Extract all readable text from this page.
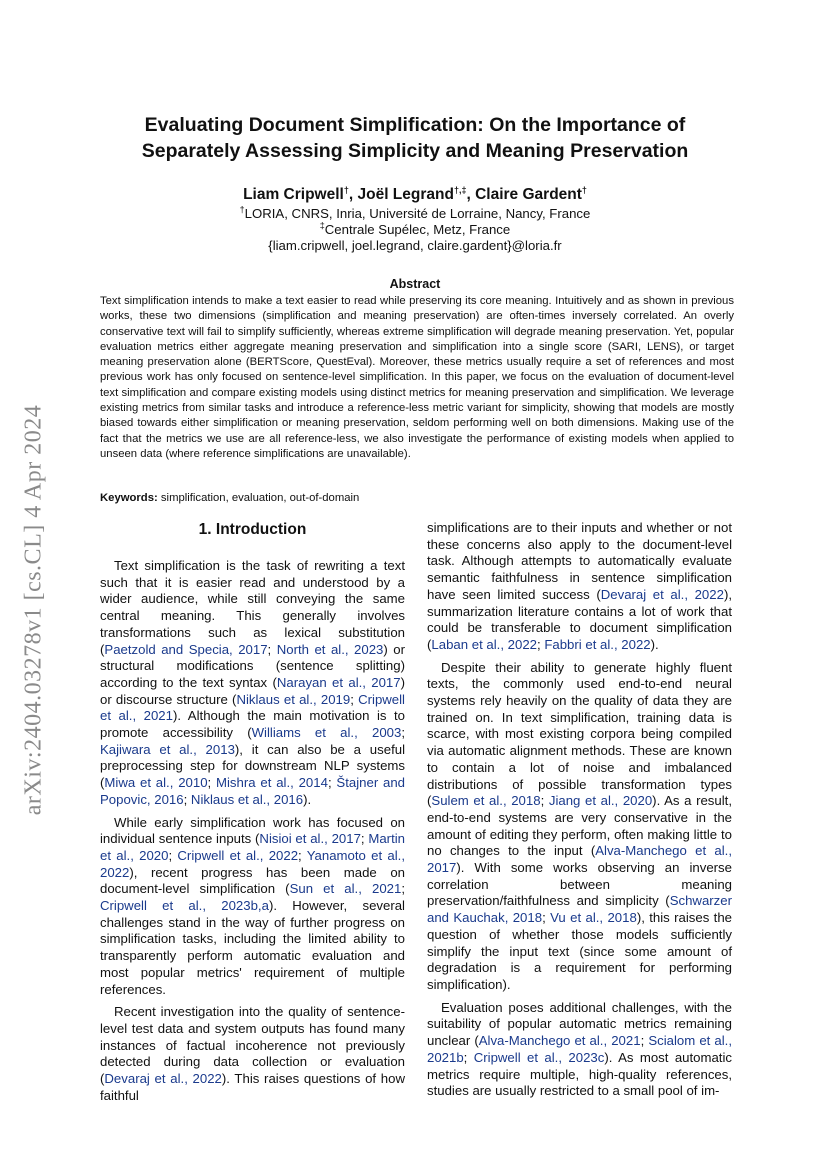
arXiv:2404.03278v1 [cs.CL] 4 Apr 2024
Evaluating Document Simplification: On the Importance of
Separately Assessing Simplicity and Meaning Preservation
Liam Cripwell†, Joël Legrand†,‡, Claire Gardent†
†LORIA, CNRS, Inria, Université de Lorraine, Nancy, France
‡Centrale Supélec, Metz, France
{liam.cripwell, joel.legrand, claire.gardent}@loria.fr
Abstract

Text simplification intends to make a text easier to read while preserving its core meaning. Intuitively and as shown in previous works, these two dimensions (simplification and meaning preservation) are often-times inversely correlated. An overly conservative text will fail to simplify sufficiently, whereas extreme simplification will degrade meaning preservation. Yet, popular evaluation metrics either aggregate meaning preservation and simplification into a single score (SARI, LENS), or target meaning preservation alone (BERTScore, QuestEval). Moreover, these metrics usually require a set of references and most previous work has only focused on sentence-level simplification. In this paper, we focus on the evaluation of document-level text simplification and compare existing models using distinct metrics for meaning preservation and simplification. We leverage existing metrics from similar tasks and introduce a reference-less metric variant for simplicity, showing that models are mostly biased towards either simplification or meaning preservation, seldom performing well on both dimensions. Making use of the fact that the metrics we use are all reference-less, we also investigate the performance of existing models when applied to unseen data (where reference simplifications are unavailable).

Keywords: simplification, evaluation, out-of-domain
1. Introduction

Text simplification is the task of rewriting a text such that it is easier read and understood by a wider audience, while still conveying the same central meaning. This generally involves transformations such as lexical substitution (Paetzold and Specia, 2017; North et al., 2023) or structural modifications (sentence splitting) according to the text syntax (Narayan et al., 2017) or discourse structure (Niklaus et al., 2019; Cripwell et al., 2021). Although the main motivation is to promote accessibility (Williams et al., 2003; Kajiwara et al., 2013), it can also be a useful preprocessing step for downstream NLP systems (Miwa et al., 2010; Mishra et al., 2014; Štajner and Popovic, 2016; Niklaus et al., 2016).

While early simplification work has focused on individual sentence inputs (Nisioi et al., 2017; Martin et al., 2020; Cripwell et al., 2022; Yanamoto et al., 2022), recent progress has been made on document-level simplification (Sun et al., 2021; Cripwell et al., 2023b,a). However, several challenges stand in the way of further progress on simplification tasks, including the limited ability to transparently perform automatic evaluation and most popular metrics' requirement of multiple references.

Recent investigation into the quality of sentence-level test data and system outputs has found many instances of factual incoherence not previously detected during data collection or evaluation (Devaraj et al., 2022). This raises questions of how faithful

simplifications are to their inputs and whether or not these concerns also apply to the document-level task. Although attempts to automatically evaluate semantic faithfulness in sentence simplification have seen limited success (Devaraj et al., 2022), summarization literature contains a lot of work that could be transferable to document simplification (Laban et al., 2022; Fabbri et al., 2022).

Despite their ability to generate highly fluent texts, the commonly used end-to-end neural systems rely heavily on the quality of data they are trained on. In text simplification, training data is scarce, with most existing corpora being compiled via automatic alignment methods. These are known to contain a lot of noise and imbalanced distributions of possible transformation types (Sulem et al., 2018; Jiang et al., 2020). As a result, end-to-end systems are very conservative in the amount of editing they perform, often making little to no changes to the input (Alva-Manchego et al., 2017). With some works observing an inverse correlation between meaning preservation/faithfulness and simplicity (Schwarzer and Kauchak, 2018; Vu et al., 2018), this raises the question of whether those models sufficiently simplify the input text (since some amount of degradation is a requirement for performing simplification).

Evaluation poses additional challenges, with the suitability of popular automatic metrics remaining unclear (Alva-Manchego et al., 2021; Scialom et al., 2021b; Cripwell et al., 2023c). As most automatic metrics require multiple, high-quality references, studies are usually restricted to a small pool of im-
